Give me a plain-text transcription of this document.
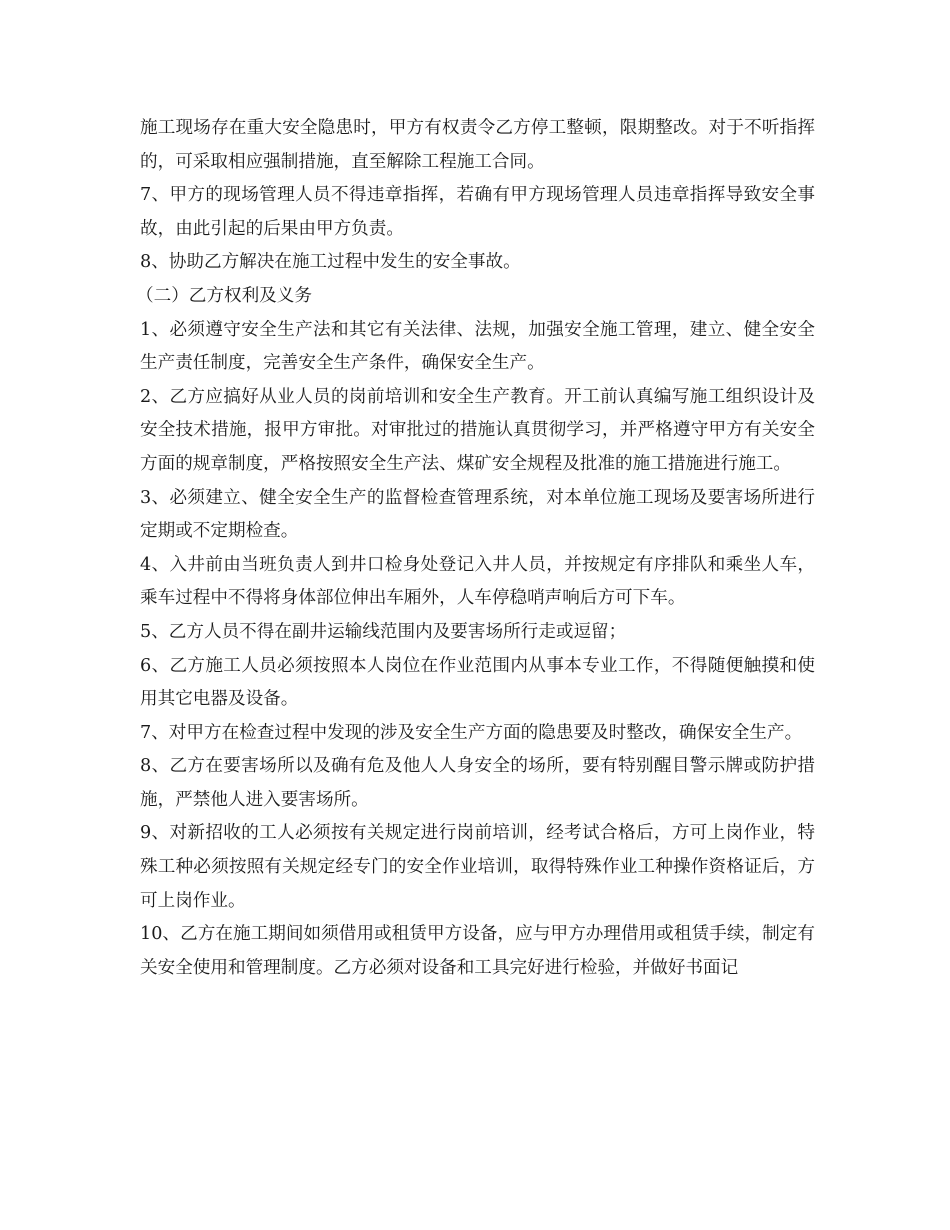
施工现场存在重大安全隐患时，甲方有权责令乙方停工整顿，限期整改。对于不听指挥的，可采取相应强制措施，直至解除工程施工合同。

7、甲方的现场管理人员不得违章指挥，若确有甲方现场管理人员违章指挥导致安全事故，由此引起的后果由甲方负责。

8、协助乙方解决在施工过程中发生的安全事故。

（二）乙方权利及义务

1、必须遵守安全生产法和其它有关法律、法规，加强安全施工管理，建立、健全安全生产责任制度，完善安全生产条件，确保安全生产。

2、乙方应搞好从业人员的岗前培训和安全生产教育。开工前认真编写施工组织设计及安全技术措施，报甲方审批。对审批过的措施认真贯彻学习，并严格遵守甲方有关安全方面的规章制度，严格按照安全生产法、煤矿安全规程及批准的施工措施进行施工。

3、必须建立、健全安全生产的监督检查管理系统，对本单位施工现场及要害场所进行定期或不定期检查。

4、入井前由当班负责人到井口检身处登记入井人员，并按规定有序排队和乘坐人车，乘车过程中不得将身体部位伸出车厢外，人车停稳哨声响后方可下车。

5、乙方人员不得在副井运输线范围内及要害场所行走或逗留；

6、乙方施工人员必须按照本人岗位在作业范围内从事本专业工作，不得随便触摸和使用其它电器及设备。

7、对甲方在检查过程中发现的涉及安全生产方面的隐患要及时整改，确保安全生产。

8、乙方在要害场所以及确有危及他人人身安全的场所，要有特别醒目警示牌或防护措施，严禁他人进入要害场所。

9、对新招收的工人必须按有关规定进行岗前培训，经考试合格后，方可上岗作业，特殊工种必须按照有关规定经专门的安全作业培训，取得特殊作业工种操作资格证后，方可上岗作业。

10、乙方在施工期间如须借用或租赁甲方设备，应与甲方办理借用或租赁手续，制定有关安全使用和管理制度。乙方必须对设备和工具完好进行检验，并做好书面记
